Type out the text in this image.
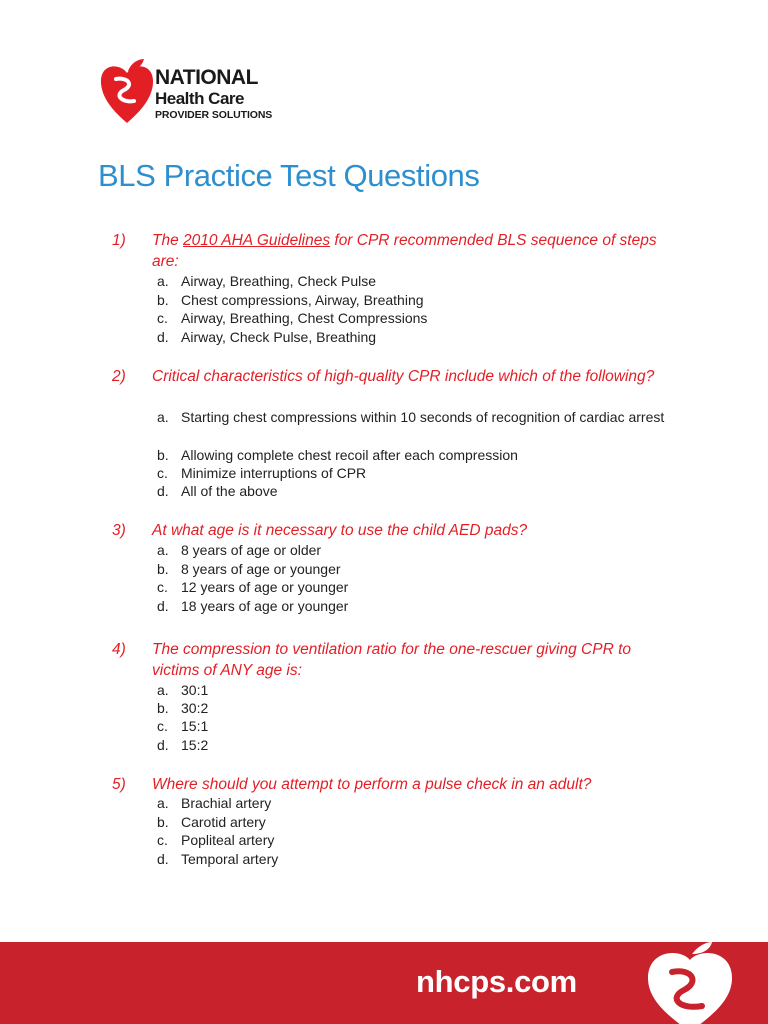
NATIONAL
Health Care
PROVIDER SOLUTIONS
BLS Practice Test Questions
1) The 2010 AHA Guidelines for CPR recommended BLS sequence of steps are:
a. Airway, Breathing, Check Pulse
b. Chest compressions, Airway, Breathing
c. Airway, Breathing, Chest Compressions
d. Airway, Check Pulse, Breathing
2) Critical characteristics of high-quality CPR include which of the following?
a. Starting chest compressions within 10 seconds of recognition of cardiac arrest
b. Allowing complete chest recoil after each compression
c. Minimize interruptions of CPR
d. All of the above
3) At what age is it necessary to use the child AED pads?
a. 8 years of age or older
b. 8 years of age or younger
c. 12 years of age or younger
d. 18 years of age or younger
4) The compression to ventilation ratio for the one-rescuer giving CPR to victims of ANY age is:
a. 30:1
b. 30:2
c. 15:1
d. 15:2
5) Where should you attempt to perform a pulse check in an adult?
a. Brachial artery
b. Carotid artery
c. Popliteal artery
d. Temporal artery
nhcps.com
